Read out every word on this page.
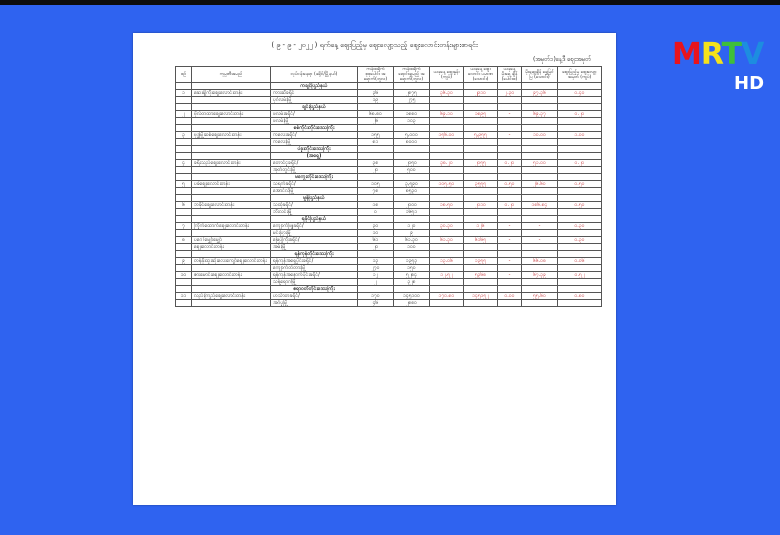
MRTV
HD
( ၉ - ၉ - ၂၀၂၂ ) ရက်နေ့ စျေးပြည့်မှ စျေးလျော့သည့် စျေးလောင်းတန်းများစာရင်း
(အမှတ်၁)နေ့ဒီ စျေးအမှတ်
စဉ်	ကုမ္ပဏီအမည်	လုပ်ငန်းနေရာ (ခရိုင်/မြို့နယ်)	ကန်ထရိုက်စုစုပေါင်း အရောက်(ဘူလ)	ကန်ထရိုက် ရောင်းချမည့် အရောက်(ဘူလ)	ယခုနေ့ စျေးနှုန်း (ကျပ်)	ယခုနေ့ စျေးလောင်း ပမာဏ (သောင်း)	ယခုနေ့ မိုးရေ ချိန် (ပေါင်းစ)	မိုးဆွေ့ချိန် ရွှေမြင်ပြ (သောင်း)	စျေးပြည့်မှ စျေးလျော့ အမှတ် (ကျပ်)
		ကချင်ပြည်နယ်							
၁	ဆေးရုံကြီးစျေးလောင်းတန်း	ကားဆီခရိုင်	၃၆	၂၈၇၅	၃၆.၃၀	၂၉၁၀	၂.၃၀	၉၇.၃၆	၀.၄၀
		ပုဂ်ံလမ်းမြို့	၁၉	၂၇၅					
		ချင်းပြည်နယ်							
၂	ဗိုလ်တထာစျေးလောင်းတန်း	ဖလမ်းခရိုင်/	၆၈.၈၀	၁၈၈၀	၆၉.၁၀	၁၈၉၅	-	၆၉.၃၇	၀.၂၀
		ဖလမ်းမြို့	၂၆	၁၀၃					
		စစ်ကိုင်းတိုင်းဒေသကြီး							
၃	ဗုဒ္ဓမြို့ဆစ်စျေးလောင်းတန်း	ကလေးခရိုင်/	၁၅၅	၅,၀၀၀	၁၅၆.၀၀	၅,၉၅၅	-	၁၀.၀၀	၁.၀၀
		ကလေးမြို့	၈၁	၈၀၀၀					
		ပဲခူးတိုင်းဒေသကြီး							
		(အရှေ့)							
၄	ခရီးသည်စျေးလောင်းတန်း	တောင်ငူခရိုင်/	၃၈	၂၀၅၀	၃၈.၂၀	၂၀၅၅	၀.၂၀	၅၁.၀၀	၀.၂၀
		အုတ်တွင်းမြို့	၂၀	၅၀၀					
		မကွေးတိုင်းဒေသကြီး							
၅	ပခဲစျေးလောင်းတန်း	သရက်ခရိုင်/	၁၀၅	၃,၅၉၀	၁၀၅.၅၀	၃၅၅၅	၀.၅၀	၂၆.၆၀	၀.၅၀
		အောင်လံမြို့	၇၈	၈၅၃၀					
		မွန်ပြည်နယ်							
၆	ဘခိုင်စျေးလောင်းတန်း	သထုံခရိုင်/	၁၈	၂၀၀၀	၁၈.၅၀	၂၀၁၀	၀.၂၀	၁၈၆.၈၄	၀.၅၀
		ဘီးလင်းမြို့	၀	၁၆၅၁					
		ရခိုင်ပြည်နယ်							
၇	ကြိုက်ထောက်စျေးလောင်းတန်း	ကျောက်ဖြူခရိုင်/	၃၀	၁၂၀	၃၀.၃၀	၁၂၆	-	-	၀.၃၀
		မင်းပြားမြို့	၁၀	၉					
၈	ပဂေါ်မျှော်မျှော်	မြေပုံကြီးခရိုင်/	၆၁	၆၁.၃၀	၆၁.၃၀	၆၁၆၅	-	-	၀.၃၀
	စျေးလောင်းတန်း	အမ်းမြို့	၂၀	၁၀၀					
		ရန်ကုန်တိုင်းဒေသကြီး							
၉	တန်ခိုးထူးဆုံးလေးကျော်စျေးလောင်းတန်း	ရန်ကုန်အရှေ့ပိုင်းခရိုင်/	၁၃	၁၃၅၃	၁၃.၀၆	၁၃၅၅	-	၆၆.၀၈	၀.၀၆
		ကျောက်တံတားမြို့	၂၇၀	၁၅၀					
၁၀	ဇားမောင်းစျေးလောင်းတန်း	ရန်ကုန်အနောက်ပိုင်းခရိုင်/	၁၂	၅၂၈၄	၁၂.၅၂	၅၃၆၈	-	၆၇.၃၉	၀.၅၂
		သန့်ရောဂါမြို့	၂	၃၂၈					
		ဧရာဝတီတိုင်းဒေသကြီး							
၁၁	လည်းကြည့်စျေးလောင်းတန်း	ဟင်္သာတခရိုင်/	၁၇၀	၁၄၅၁၀၀	၁၇၀.၈၀	၁၄၅၁၅၂	၀.၀၀	၅၅.၆၀	၀.၈၀
		အင်္ဂပူမြို့	၄၆	၂၈၈၀					
